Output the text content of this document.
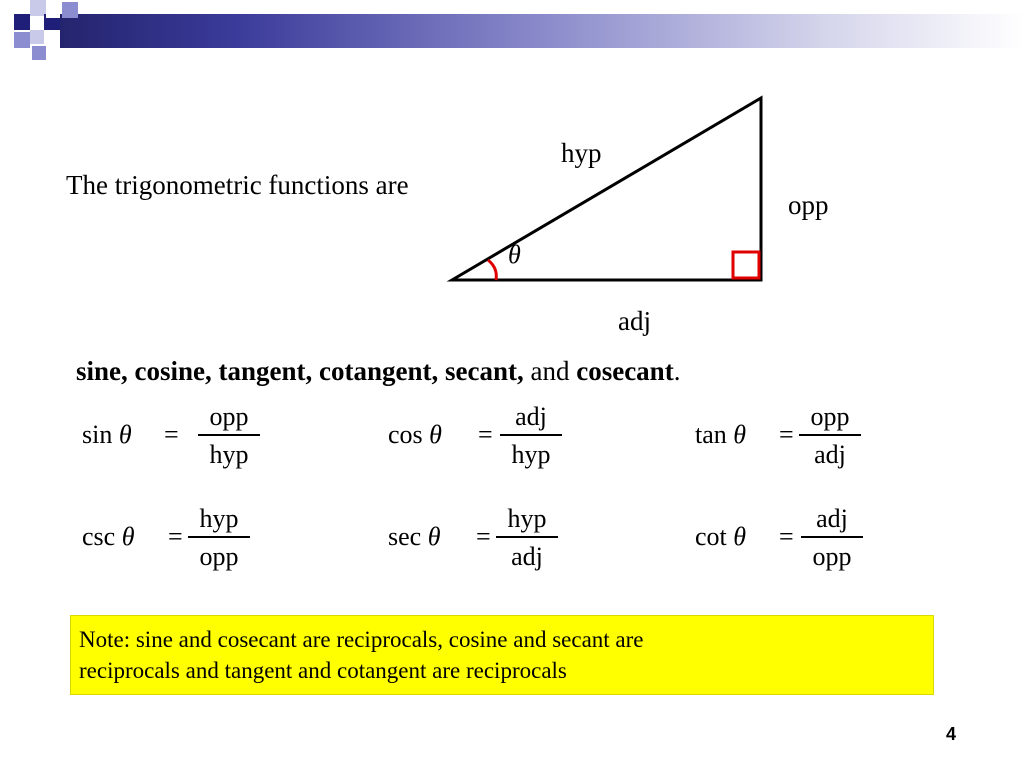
The trigonometric functions are
hyp
opp
adj
θ
sine, cosine, tangent, cotangent, secant, and cosecant.
sin θ =
opp
hyp
cos θ =
adj
hyp
tan θ =
opp
adj
csc θ =
hyp
opp
sec θ =
hyp
adj
cot θ =
adj
opp
Note: sine and cosecant are reciprocals, cosine and secant are
reciprocals and tangent and cotangent are reciprocals
4
